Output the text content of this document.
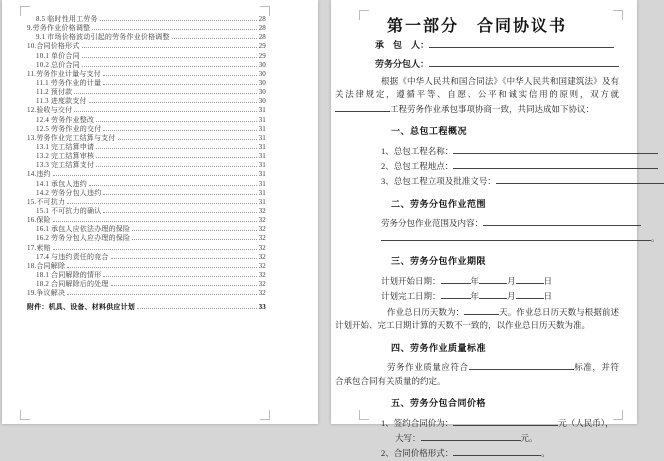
8.5 临时性用工劳务	28
9.劳务作业价格调整	28
9.1 市场价格波动引起的劳务作业价格调整	28
10.合同价格形式	29
10.1 单价合同	29
10.2 总价合同	30
11.劳务作业计量与支付	30
11.1 劳务作业的计量	30
11.2 预付款	30
11.3 进度款支付	30
12.验收与交付	31
12.4 劳务作业整改	31
12.5 劳务作业的交付	31
13.劳务作业完工结算与支付	31
13.1 完工结算申请	31
13.2 完工结算审核	31
13.3 完工结算支付	31
14.违约	31
14.1 承包人违约	31
14.2 劳务分包人违约	31
15.不可抗力	31
15.1 不可抗力的确认	32
16.保险	32
16.1 承包人应依法办理的保险	32
16.2 劳务分包人应办理的保险	32
17.索赔	32
17.4 与违约责任的竞合	32
18.合同解除	32
18.1 合同解除的情形	32
18.2 合同解除后的处理	32
19.争议解决	32
附件：机具、设备、材料供应计划	33
第一部分　合同协议书
承　包　人：
劳务分包人：
根据《中华人民共和国合同法》《中华人民共和国建筑法》及有关法律规定，遵循平等、自愿、公平和诚实信用的原则，双方就工程劳务作业承包事项协商一致，共同达成如下协议：
一、总包工程概况
1、总包工程名称：
2、总包工程地点：
3、总包工程立项及批准文号：
二、劳务分包作业范围
劳务分包作业范围及内容：
。
三、劳务分包作业期限
计划开始日期：	年	月	日
计划完工日期：	年	月	日
作业总日历天数为：	天。作业总日历天数与根据前述计划开始、完工日期计算的天数不一致的，以作业总日历天数为准。
四、劳务作业质量标准
劳务作业质量应符合	标准，并符合承包合同有关质量的约定。
五、劳务分包合同价格
1、签约合同价为：	元（人民币），
大写：	元。
2、合同价格形式：	。
